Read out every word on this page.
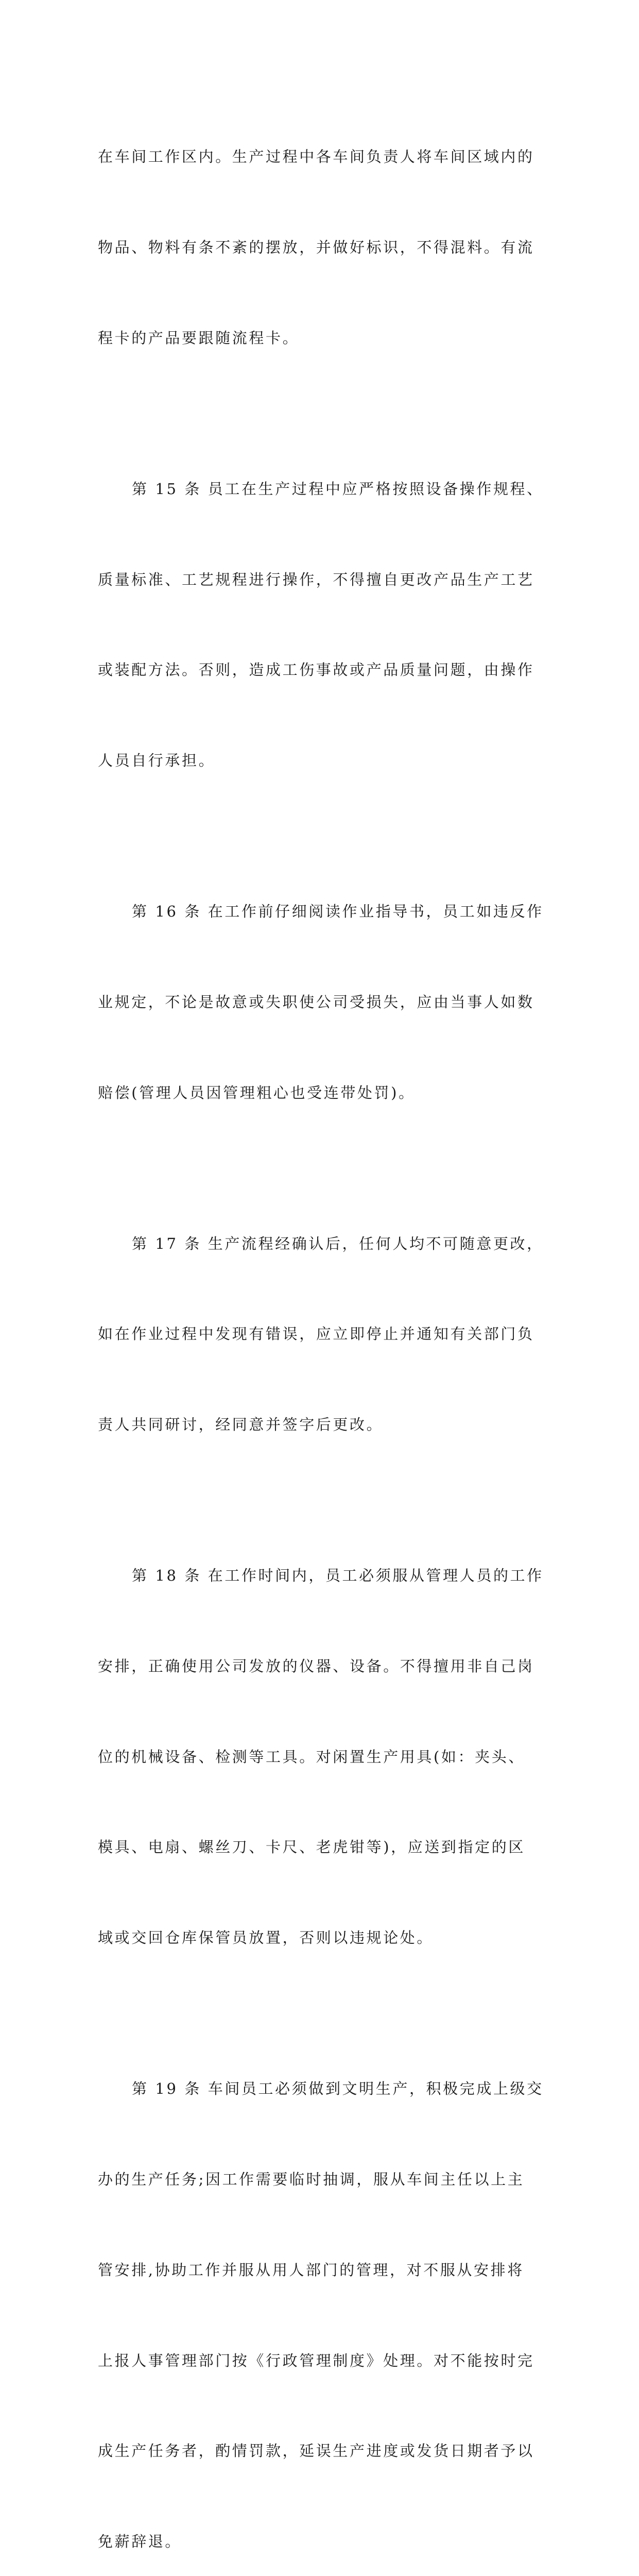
在车间工作区内。生产过程中各车间负责人将车间区域内的

物品、物料有条不紊的摆放，并做好标识，不得混料。有流

程卡的产品要跟随流程卡。

第 15 条 员工在生产过程中应严格按照设备操作规程、

质量标准、工艺规程进行操作，不得擅自更改产品生产工艺

或装配方法。否则，造成工伤事故或产品质量问题，由操作

人员自行承担。

第 16 条 在工作前仔细阅读作业指导书，员工如违反作

业规定，不论是故意或失职使公司受损失，应由当事人如数

赔偿(管理人员因管理粗心也受连带处罚)。

第 17 条 生产流程经确认后，任何人均不可随意更改，

如在作业过程中发现有错误，应立即停止并通知有关部门负

责人共同研讨，经同意并签字后更改。

第 18 条 在工作时间内，员工必须服从管理人员的工作

安排，正确使用公司发放的仪器、设备。不得擅用非自己岗

位的机械设备、检测等工具。对闲置生产用具(如：夹头、

模具、电扇、螺丝刀、卡尺、老虎钳等)，应送到指定的区

域或交回仓库保管员放置，否则以违规论处。

第 19 条 车间员工必须做到文明生产，积极完成上级交

办的生产任务;因工作需要临时抽调，服从车间主任以上主

管安排,协助工作并服从用人部门的管理，对不服从安排将

上报人事管理部门按《行政管理制度》处理。对不能按时完

成生产任务者，酌情罚款，延误生产进度或发货日期者予以

免薪辞退。
